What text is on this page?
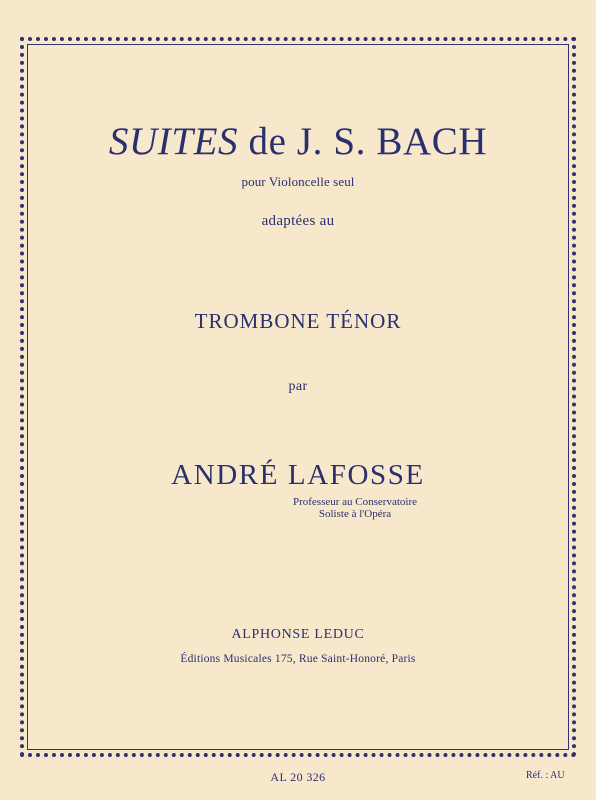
SUITES de J. S. BACH
pour Violoncelle seul
adaptées au
TROMBONE TÉNOR
par
ANDRÉ LAFOSSE
Professeur au Conservatoire
Soliste à l'Opéra
ALPHONSE LEDUC
Éditions Musicales 175, Rue Saint-Honoré, Paris
AL 20 326	Réf. : AU
